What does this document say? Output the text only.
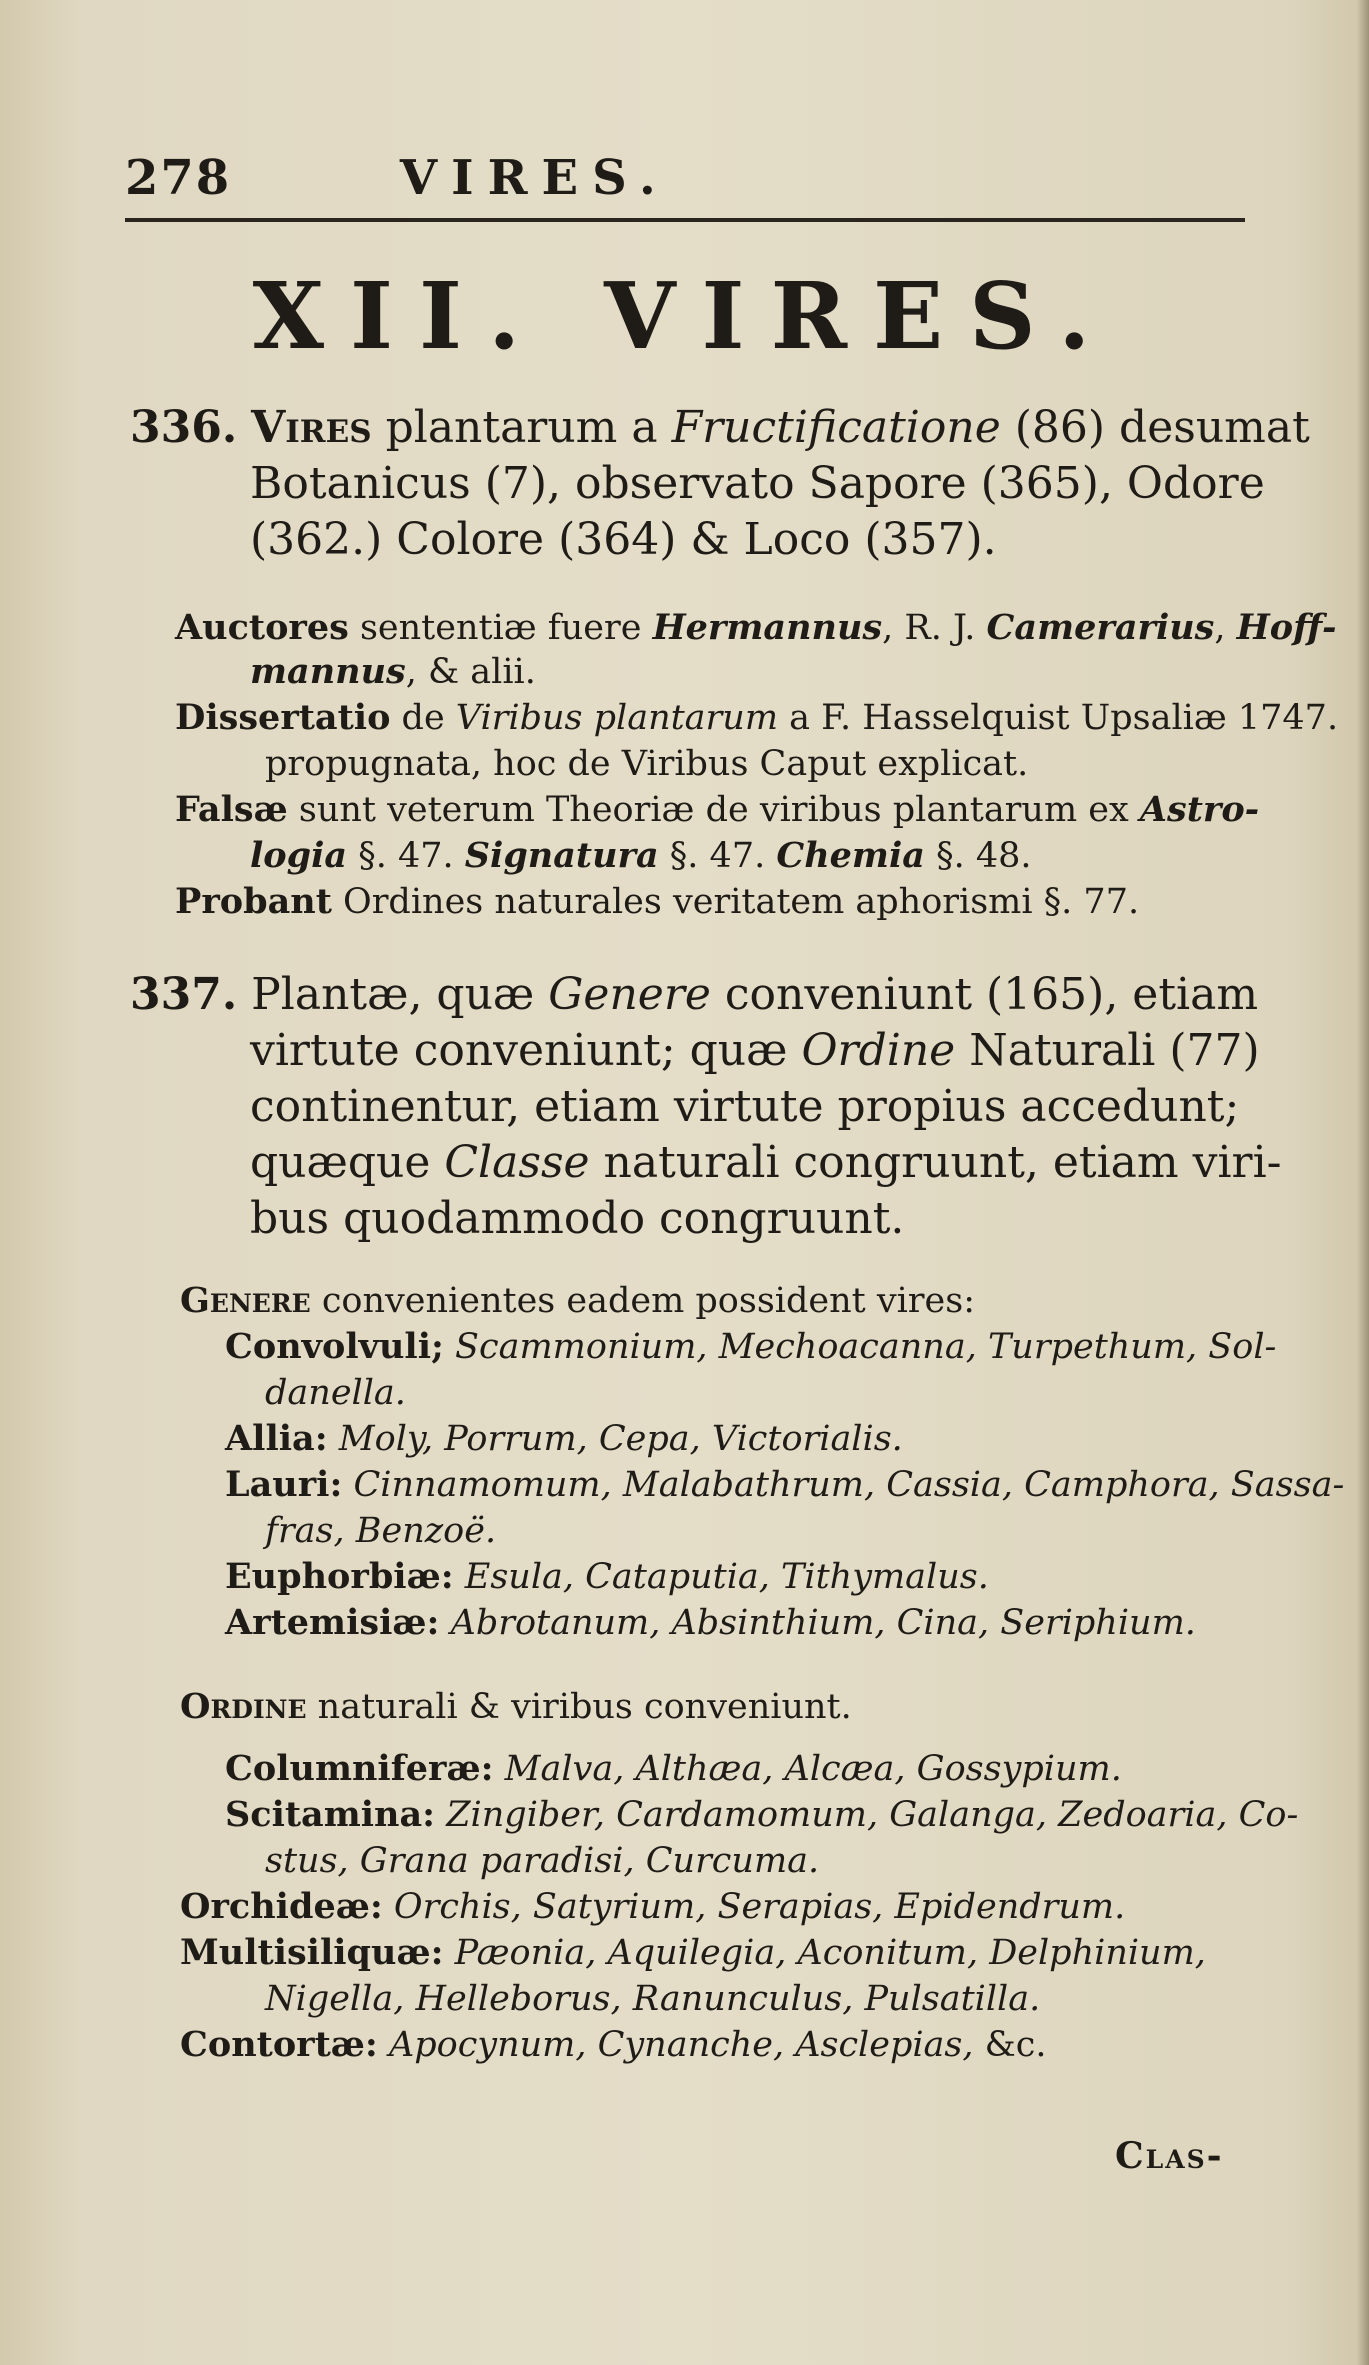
278	VIRES.
XII. VIRES.
336. Vires plantarum a Fructificatione (86) desumat
Botanicus (7), observato Sapore (365), Odore
(362.) Colore (364) & Loco (357).
Auctores sententiæ fuere Hermannus, R. J. Camerarius, Hoff-
mannus, & alii.
Dissertatio de Viribus plantarum a F. Hasselquist Upsaliæ 1747.
propugnata, hoc de Viribus Caput explicat.
Falsæ sunt veterum Theoriæ de viribus plantarum ex Astro-
logia §. 47. Signatura §. 47. Chemia §. 48.
Probant Ordines naturales veritatem aphorismi §. 77.
337. Plantæ, quæ Genere conveniunt (165), etiam
virtute conveniunt; quæ Ordine Naturali (77)
continentur, etiam virtute propius accedunt;
quæque Classe naturali congruunt, etiam viri-
bus quodammodo congruunt.
Genere convenientes eadem possident vires:
Convolvuli; Scammonium, Mechoacanna, Turpethum, Sol-
danella.
Allia: Moly, Porrum, Cepa, Victorialis.
Lauri: Cinnamomum, Malabathrum, Cassia, Camphora, Sassa-
fras, Benzoë.
Euphorbiæ: Esula, Cataputia, Tithymalus.
Artemisiæ: Abrotanum, Absinthium, Cina, Seriphium.
Ordine naturali & viribus conveniunt.
Columniferæ: Malva, Althæa, Alcæa, Gossypium.
Scitamina: Zingiber, Cardamomum, Galanga, Zedoaria, Co-
stus, Grana paradisi, Curcuma.
Orchideæ: Orchis, Satyrium, Serapias, Epidendrum.
Multisiliquæ: Pæonia, Aquilegia, Aconitum, Delphinium,
Nigella, Helleborus, Ranunculus, Pulsatilla.
Contortæ: Apocynum, Cynanche, Asclepias, &c.
Clas-
